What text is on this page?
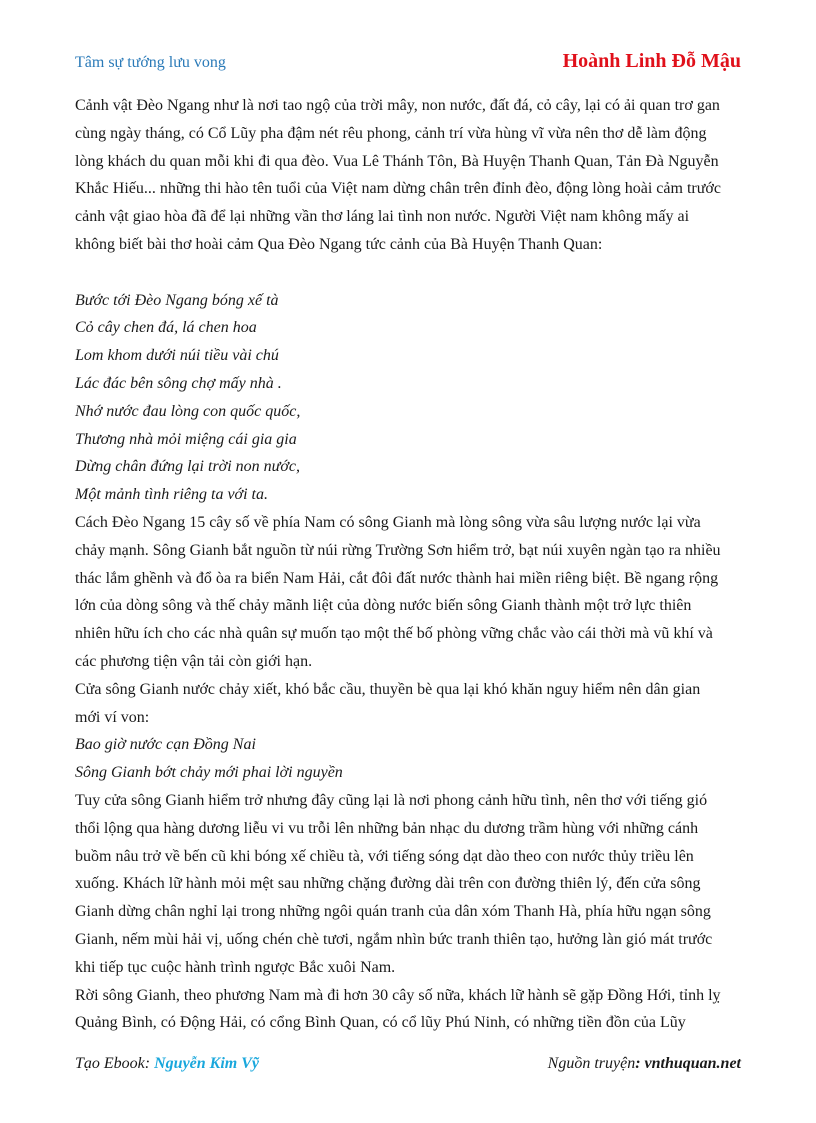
Tâm sự tướng lưu vong	Hoành Linh Đỗ Mậu

Cảnh vật Đèo Ngang như là nơi tao ngộ của trời mây, non nước, đất đá, cỏ cây, lại có ải quan trơ gan
cùng ngày tháng, có Cổ Lũy pha đậm nét rêu phong, cảnh trí vừa hùng vĩ vừa nên thơ dễ làm động
lòng khách du quan mỗi khi đi qua đèo. Vua Lê Thánh Tôn, Bà Huyện Thanh Quan, Tản Đà Nguyễn
Khắc Hiếu... những thi hào tên tuổi của Việt nam dừng chân trên đỉnh đèo, động lòng hoài cảm trước
cảnh vật giao hòa đã để lại những vần thơ láng lai tình non nước. Người Việt nam không mấy ai
không biết bài thơ hoài cảm Qua Đèo Ngang tức cảnh của Bà Huyện Thanh Quan:

Bước tới Đèo Ngang bóng xế tà
Cỏ cây chen đá, lá chen hoa
Lom khom dưới núi tiều vài chú
Lác đác bên sông chợ mấy nhà .
Nhớ nước đau lòng con quốc quốc,
Thương nhà mỏi miệng cái gia gia
Dừng chân đứng lại trời non nước,
Một mảnh tình riêng ta với ta.

Cách Đèo Ngang 15 cây số về phía Nam có sông Gianh mà lòng sông vừa sâu lượng nước lại vừa
chảy mạnh. Sông Gianh bắt nguồn từ núi rừng Trường Sơn hiểm trở, bạt núi xuyên ngàn tạo ra nhiều
thác lắm ghềnh và đổ òa ra biển Nam Hải, cắt đôi đất nước thành hai miền riêng biệt. Bề ngang rộng
lớn của dòng sông và thế chảy mãnh liệt của dòng nước biến sông Gianh thành một trở lực thiên
nhiên hữu ích cho các nhà quân sự muốn tạo một thế bố phòng vững chắc vào cái thời mà vũ khí và
các phương tiện vận tải còn giới hạn.

Cửa sông Gianh nước chảy xiết, khó bắc cầu, thuyền bè qua lại khó khăn nguy hiểm nên dân gian
mới ví von:

Bao giờ nước cạn Đồng Nai
Sông Gianh bớt chảy mới phai lời nguyền

Tuy cửa sông Gianh hiểm trở nhưng đây cũng lại là nơi phong cảnh hữu tình, nên thơ với tiếng gió
thổi lộng qua hàng dương liễu vi vu trỗi lên những bản nhạc du dương trầm hùng với những cánh
buồm nâu trở về bến cũ khi bóng xế chiều tà, với tiếng sóng dạt dào theo con nước thủy triều lên
xuống. Khách lữ hành mỏi mệt sau những chặng đường dài trên con đường thiên lý, đến cửa sông
Gianh dừng chân nghỉ lại trong những ngôi quán tranh của dân xóm Thanh Hà, phía hữu ngạn sông
Gianh, nếm mùi hải vị, uống chén chè tươi, ngắm nhìn bức tranh thiên tạo, hưởng làn gió mát trước
khi tiếp tục cuộc hành trình ngược Bắc xuôi Nam.

Rời sông Gianh, theo phương Nam mà đi hơn 30 cây số nữa, khách lữ hành sẽ gặp Đồng Hới, tỉnh lỵ
Quảng Bình, có Động Hải, có cổng Bình Quan, có cổ lũy Phú Ninh, có những tiền đồn của Lũy

Tạo Ebook: Nguyễn Kim Vỹ	Nguồn truyện: vnthuquan.net
